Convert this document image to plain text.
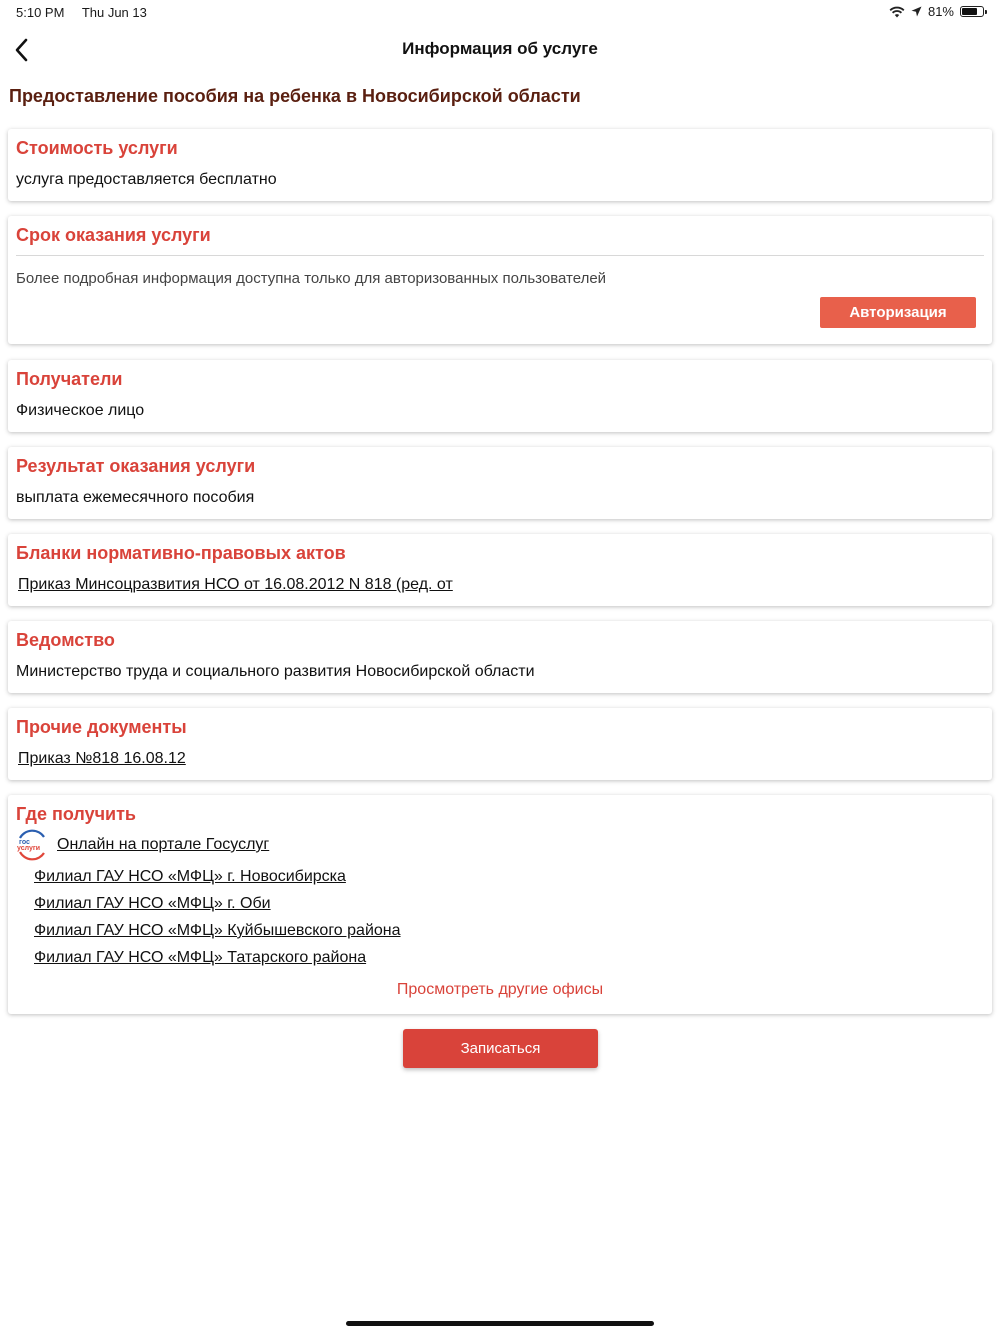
5:10 PM Thu Jun 13	81%
Информация об услуге
Предоставление пособия на ребенка в Новосибирской области
Стоимость услуги
услуга предоставляется бесплатно
Срок оказания услуги
Более подробная информация доступна только для авторизованных пользователей
Авторизация
Получатели
Физическое лицо
Результат оказания услуги
выплата ежемесячного пособия
Бланки нормативно-правовых актов
Приказ Минсоцразвития НСО от 16.08.2012 N 818 (ред. от
Ведомство
Министерство труда и социального развития Новосибирской области
Прочие документы
Приказ №818 16.08.12
Где получить
гос
услуги Онлайн на портале Госуслуг
Филиал ГАУ НСО «МФЦ» г. Новосибирска
Филиал ГАУ НСО «МФЦ» г. Оби
Филиал ГАУ НСО «МФЦ» Куйбышевского района
Филиал ГАУ НСО «МФЦ» Татарского района
Просмотреть другие офисы
Записаться
